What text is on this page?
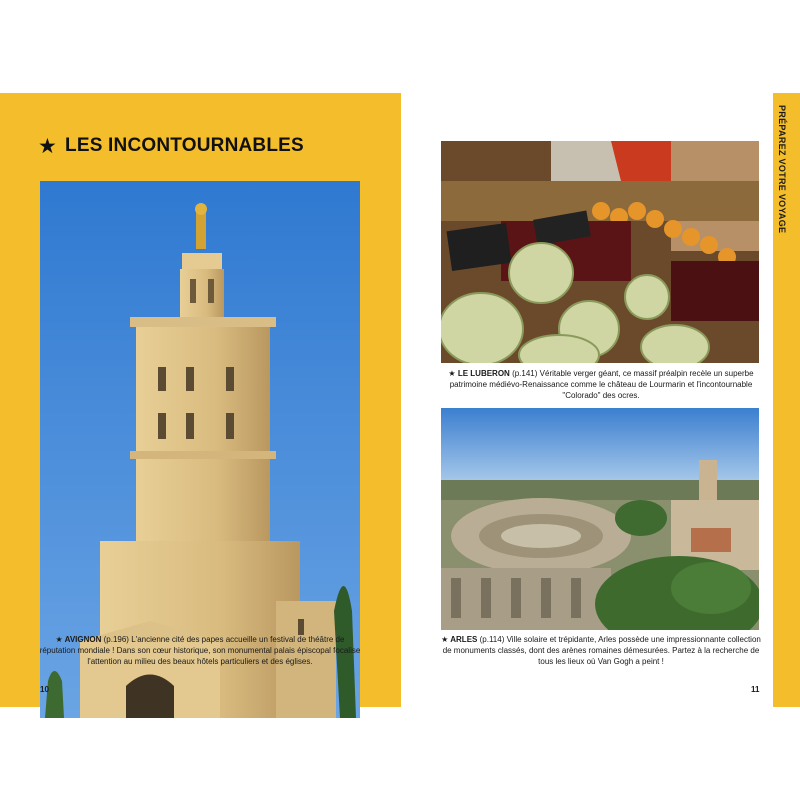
★ LES INCONTOURNABLES
★ AVIGNON (p.196) L'ancienne cité des papes accueille un festival de théâtre de réputation mondiale ! Dans son cœur historique, son monumental palais épiscopal focalise l'attention au milieu des beaux hôtels particuliers et des églises.
10
★ LE LUBERON (p.141) Véritable verger géant, ce massif préalpin recèle un superbe patrimoine médiévo-Renaissance comme le château de Lourmarin et l'incontournable "Colorado" des ocres.
★ ARLES (p.114) Ville solaire et trépidante, Arles possède une impressionnante collection de monuments classés, dont des arènes romaines démesurées. Partez à la recherche de tous les lieux où Van Gogh a peint !
11
PRÉPAREZ VOTRE VOYAGE
